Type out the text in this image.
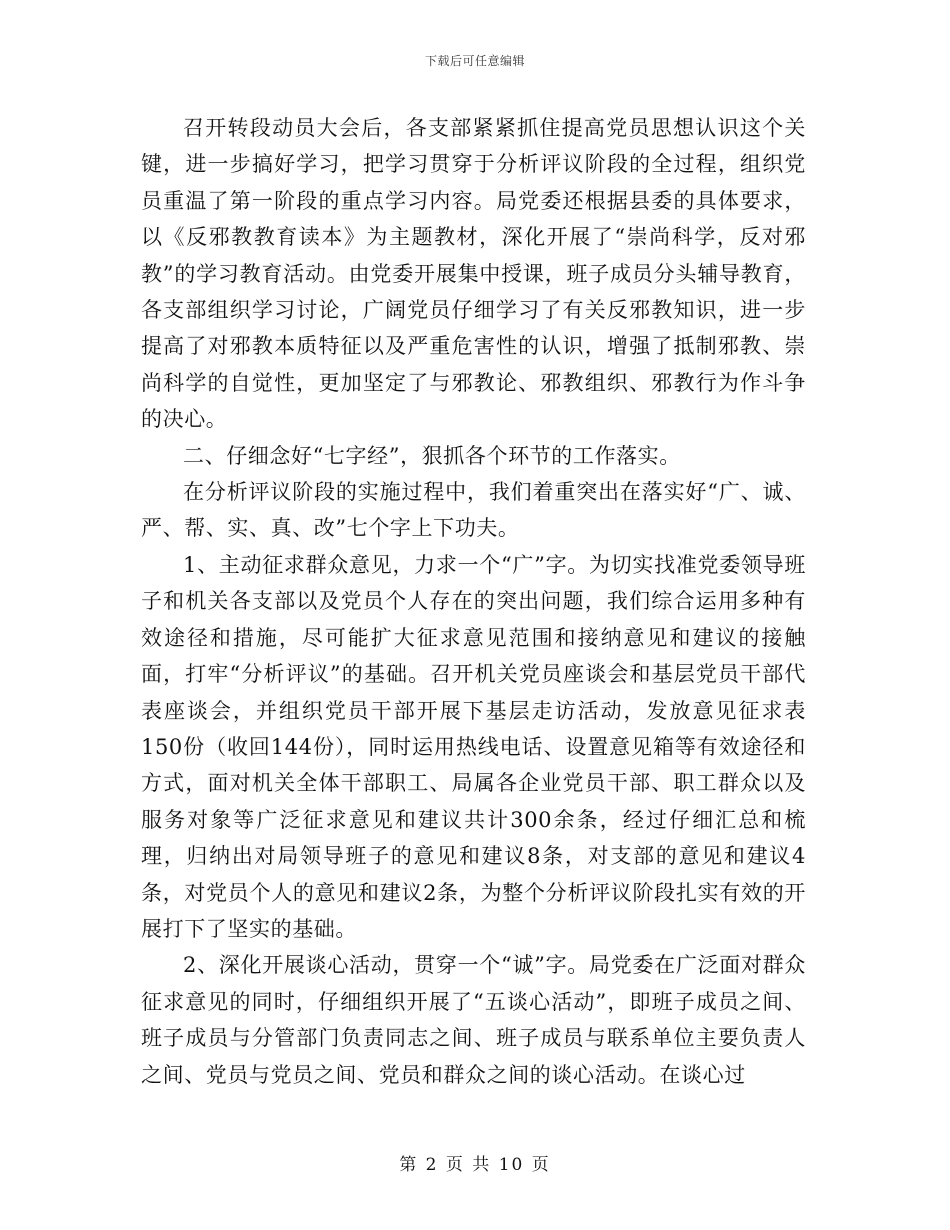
下载后可任意编辑

召开转段动员大会后，各支部紧紧抓住提高党员思想认识这个关键，进一步搞好学习，把学习贯穿于分析评议阶段的全过程，组织党员重温了第一阶段的重点学习内容。局党委还根据县委的具体要求，以《反邪教教育读本》为主题教材，深化开展了“崇尚科学，反对邪教”的学习教育活动。由党委开展集中授课，班子成员分头辅导教育，各支部组织学习讨论，广阔党员仔细学习了有关反邪教知识，进一步提高了对邪教本质特征以及严重危害性的认识，增强了抵制邪教、崇尚科学的自觉性，更加坚定了与邪教论、邪教组织、邪教行为作斗争的决心。

二、仔细念好“七字经”，狠抓各个环节的工作落实。

在分析评议阶段的实施过程中，我们着重突出在落实好“广、诚、严、帮、实、真、改”七个字上下功夫。

1、主动征求群众意见，力求一个“广”字。为切实找准党委领导班子和机关各支部以及党员个人存在的突出问题，我们综合运用多种有效途径和措施，尽可能扩大征求意见范围和接纳意见和建议的接触面，打牢“分析评议”的基础。召开机关党员座谈会和基层党员干部代表座谈会，并组织党员干部开展下基层走访活动，发放意见征求表150份（收回144份），同时运用热线电话、设置意见箱等有效途径和方式，面对机关全体干部职工、局属各企业党员干部、职工群众以及服务对象等广泛征求意见和建议共计300余条，经过仔细汇总和梳理，归纳出对局领导班子的意见和建议8条，对支部的意见和建议4条，对党员个人的意见和建议2条，为整个分析评议阶段扎实有效的开展打下了坚实的基础。

2、深化开展谈心活动，贯穿一个“诚”字。局党委在广泛面对群众征求意见的同时，仔细组织开展了“五谈心活动”，即班子成员之间、班子成员与分管部门负责同志之间、班子成员与联系单位主要负责人之间、党员与党员之间、党员和群众之间的谈心活动。在谈心过

第 2 页 共 10 页
